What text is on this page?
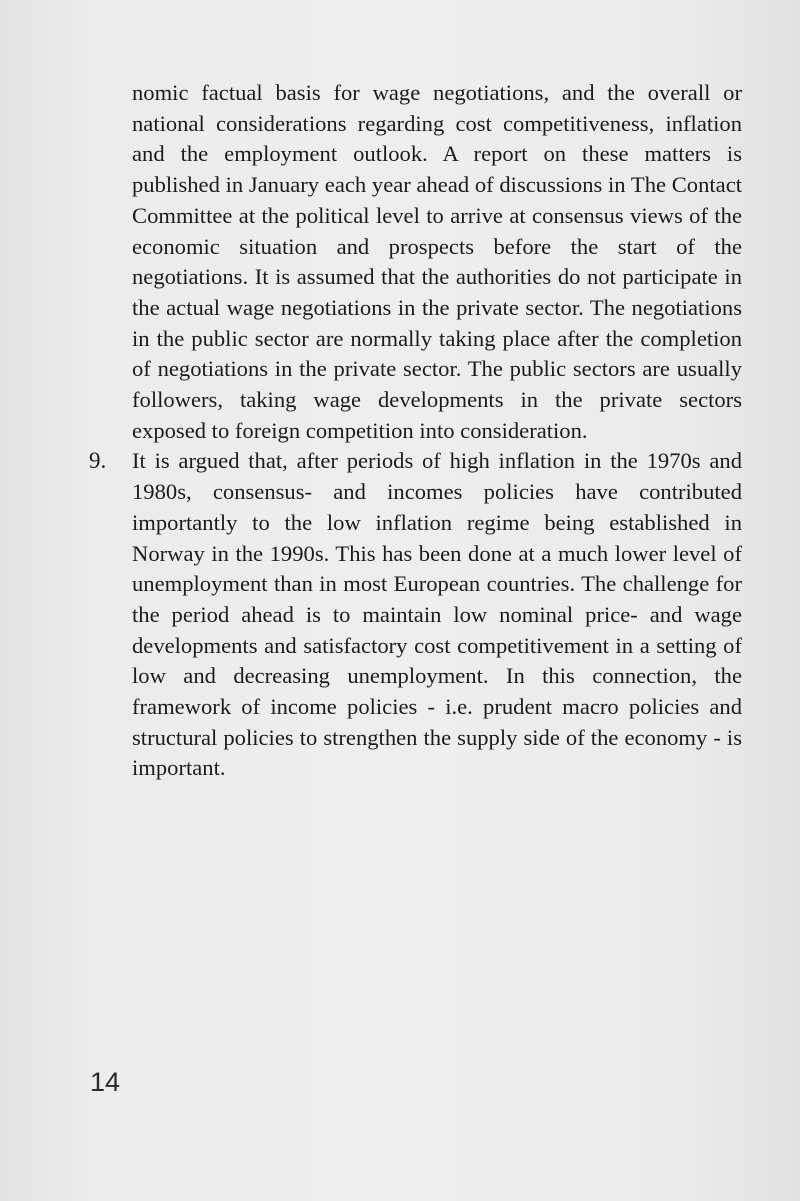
nomic factual basis for wage negotiations, and the overall or national considerations regarding cost competitiveness, inflation and the employment outlook. A report on these matters is published in January each year ahead of discussions in The Contact Committee at the political level to arrive at consensus views of the economic situation and prospects before the start of the negotiations. It is assumed that the authorities do not participate in the actual wage negotiations in the private sector. The negotiations in the public sector are normally taking place after the completion of negotiations in the private sector. The public sectors are usually followers, taking wage developments in the private sectors exposed to foreign competition into consideration.

9. It is argued that, after periods of high inflation in the 1970s and 1980s, consensus- and incomes policies have contributed importantly to the low inflation regime being established in Norway in the 1990s. This has been done at a much lower level of unemployment than in most European countries. The challenge for the period ahead is to maintain low nominal price- and wage developments and satisfactory cost competitivement in a setting of low and decreasing unemployment. In this connection, the framework of income policies - i.e. prudent macro policies and structural policies to strengthen the supply side of the economy - is important.

14
